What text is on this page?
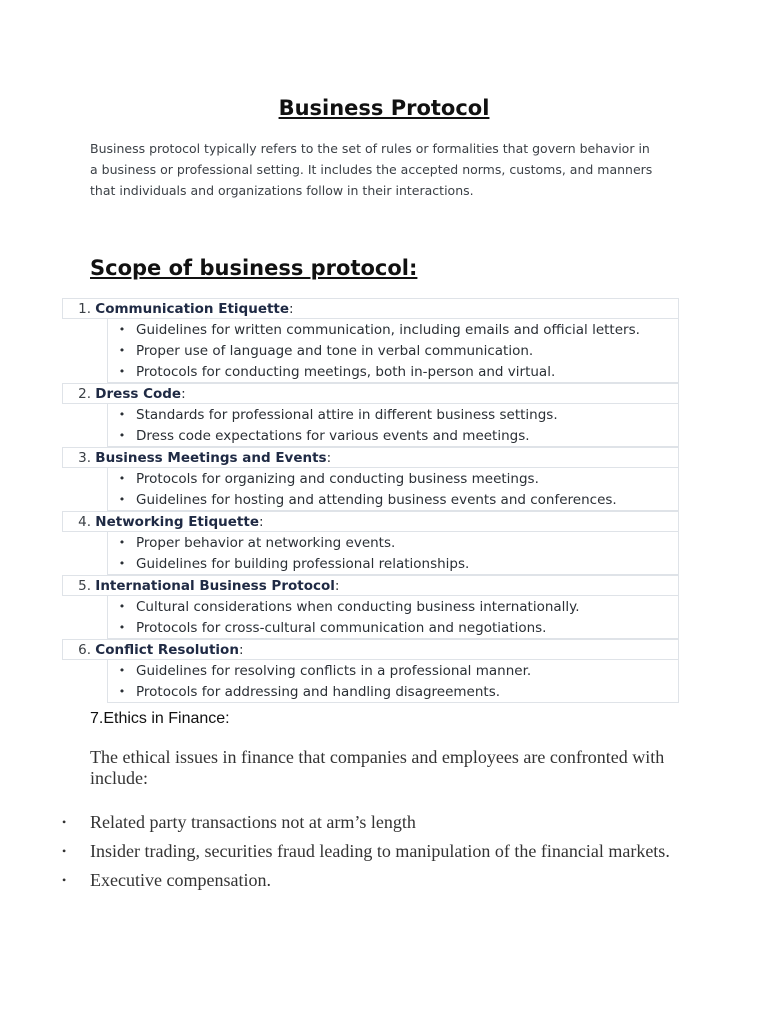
Business Protocol

Business protocol typically refers to the set of rules or formalities that govern behavior in a business or professional setting. It includes the accepted norms, customs, and manners that individuals and organizations follow in their interactions.

Scope of business protocol:
1.
Communication Etiquette :
• Guidelines for written communication, including emails and official letters.
• Proper use of language and tone in verbal communication.
• Protocols for conducting meetings, both in-person and virtual.
2.
Dress Code :
• Standards for professional attire in different business settings.
• Dress code expectations for various events and meetings.
3.
Business Meetings and Events :
• Protocols for organizing and conducting business meetings.
• Guidelines for hosting and attending business events and conferences.
4.
Networking Etiquette :
• Proper behavior at networking events.
• Guidelines for building professional relationships.
5.
International Business Protocol :
• Cultural considerations when conducting business internationally.
• Protocols for cross-cultural communication and negotiations.
6.
Conflict Resolution :
• Guidelines for resolving conflicts in a professional manner.
• Protocols for addressing and handling disagreements.
7.Ethics in Finance:

The ethical issues in finance that companies and employees are confronted with include:

•	Related party transactions not at arm’s length
•	Insider trading, securities fraud leading to manipulation of the financial markets.
•	Executive compensation.
